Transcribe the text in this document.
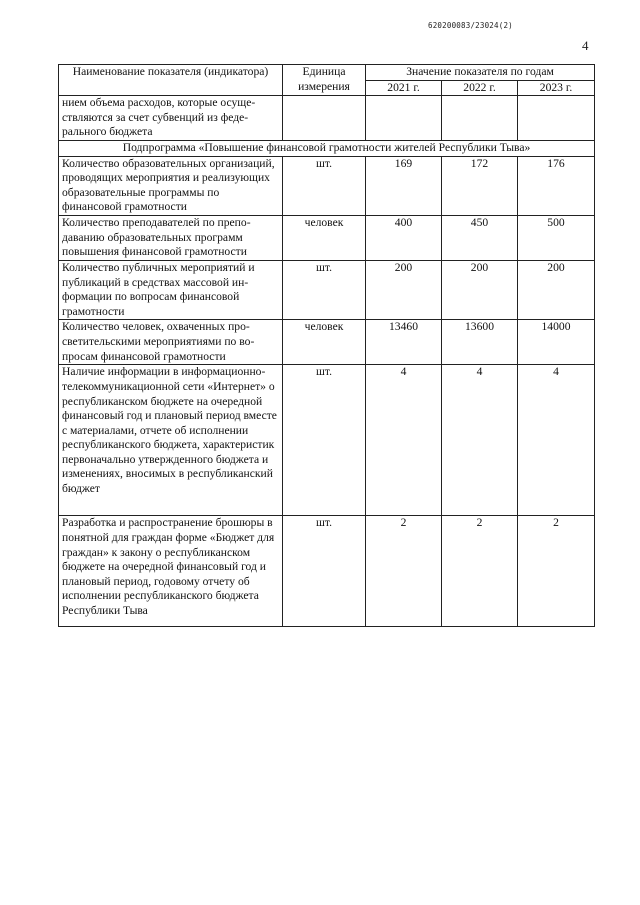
620200083/23024(2)
4
Наименование показателя (индикатора)	Единица измерения	Значение показателя по годам		
		2021 г.	2022 г.	2023 г.
нием объема расходов, которые осуществляются за счет субвенций из федерального бюджета				
Подпрограмма «Повышение финансовой грамотности жителей Республики Тыва»				
Количество образовательных организаций, проводящих мероприятия и реализующих образовательные программы по финансовой грамотности	шт.	169	172	176
Количество преподавателей по преподаванию образовательных программ повышения финансовой грамотности	человек	400	450	500
Количество публичных мероприятий и публикаций в средствах массовой информации по вопросам финансовой грамотности	шт.	200	200	200
Количество человек, охваченных просветительскими мероприятиями по вопросам финансовой грамотности	человек	13460	13600	14000
Наличие информации в информационно-телекоммуникационной сети «Интернет» о республиканском бюджете на очередной финансовый год и плановый период вместе с материалами, отчете об исполнении республиканского бюджета, характеристик первоначально утвержденного бюджета и изменениях, вносимых в республиканский бюджет	шт.	4	4	4
Разработка и распространение брошюры в понятной для граждан форме «Бюджет для граждан» к закону о республиканском бюджете на очередной финансовый год и плановый период, годовому отчету об исполнении республиканского бюджета Республики Тыва	шт.	2	2	2
